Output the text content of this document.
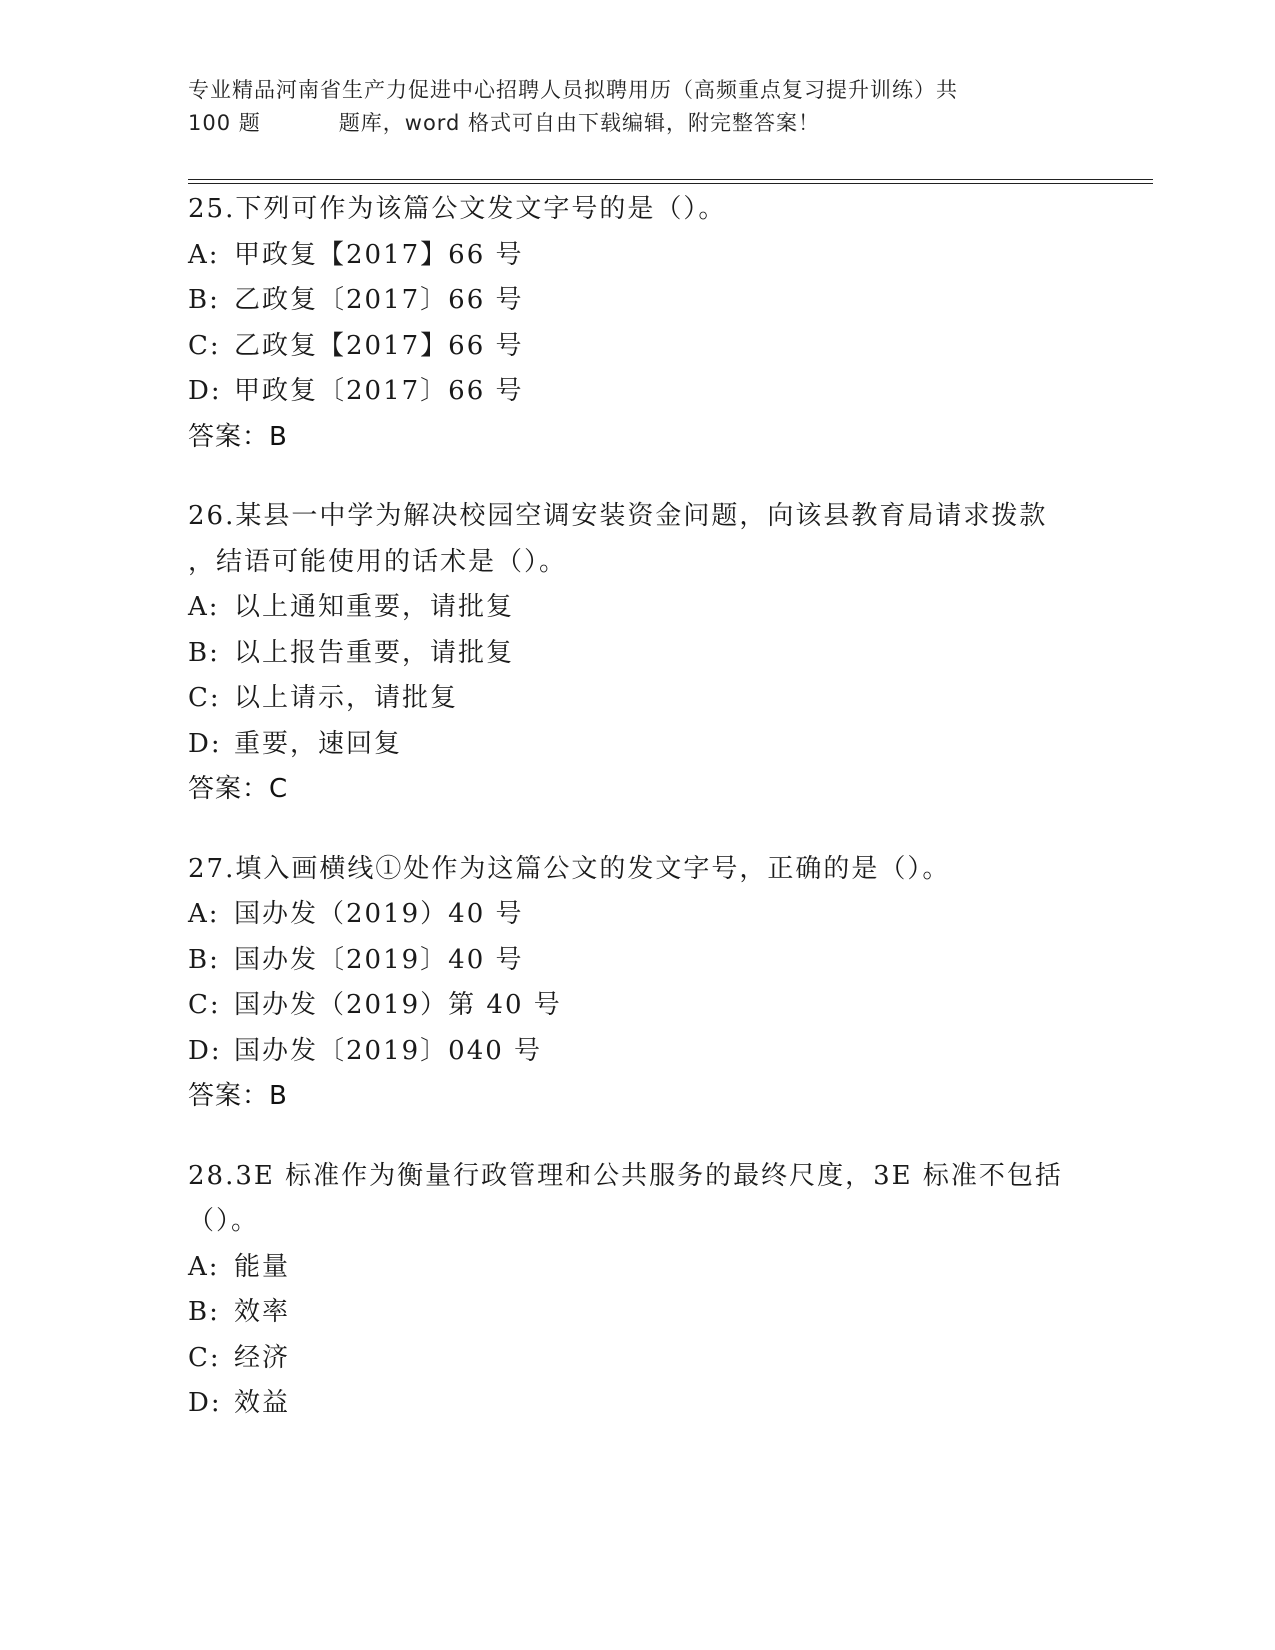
专业精品河南省生产力促进中心招聘人员拟聘用历（高频重点复习提升训练）共
100 题	题库，word 格式可自由下载编辑，附完整答案！
25.下列可作为该篇公文发文字号的是（）。
A: 甲政复【2017】66 号
B: 乙政复〔2017〕66 号
C: 乙政复【2017】66 号
D: 甲政复〔2017〕66 号
答案：B
26.某县一中学为解决校园空调安装资金问题，向该县教育局请求拨款
，结语可能使用的话术是（）。
A: 以上通知重要，请批复
B: 以上报告重要，请批复
C: 以上请示，请批复
D: 重要，速回复
答案：C
27.填入画横线①处作为这篇公文的发文字号，正确的是（）。
A: 国办发（2019）40 号
B: 国办发〔2019〕40 号
C: 国办发（2019）第 40 号
D: 国办发〔2019〕040 号
答案：B
28.3E 标准作为衡量行政管理和公共服务的最终尺度，3E 标准不包括
（）。
A: 能量
B: 效率
C: 经济
D: 效益
